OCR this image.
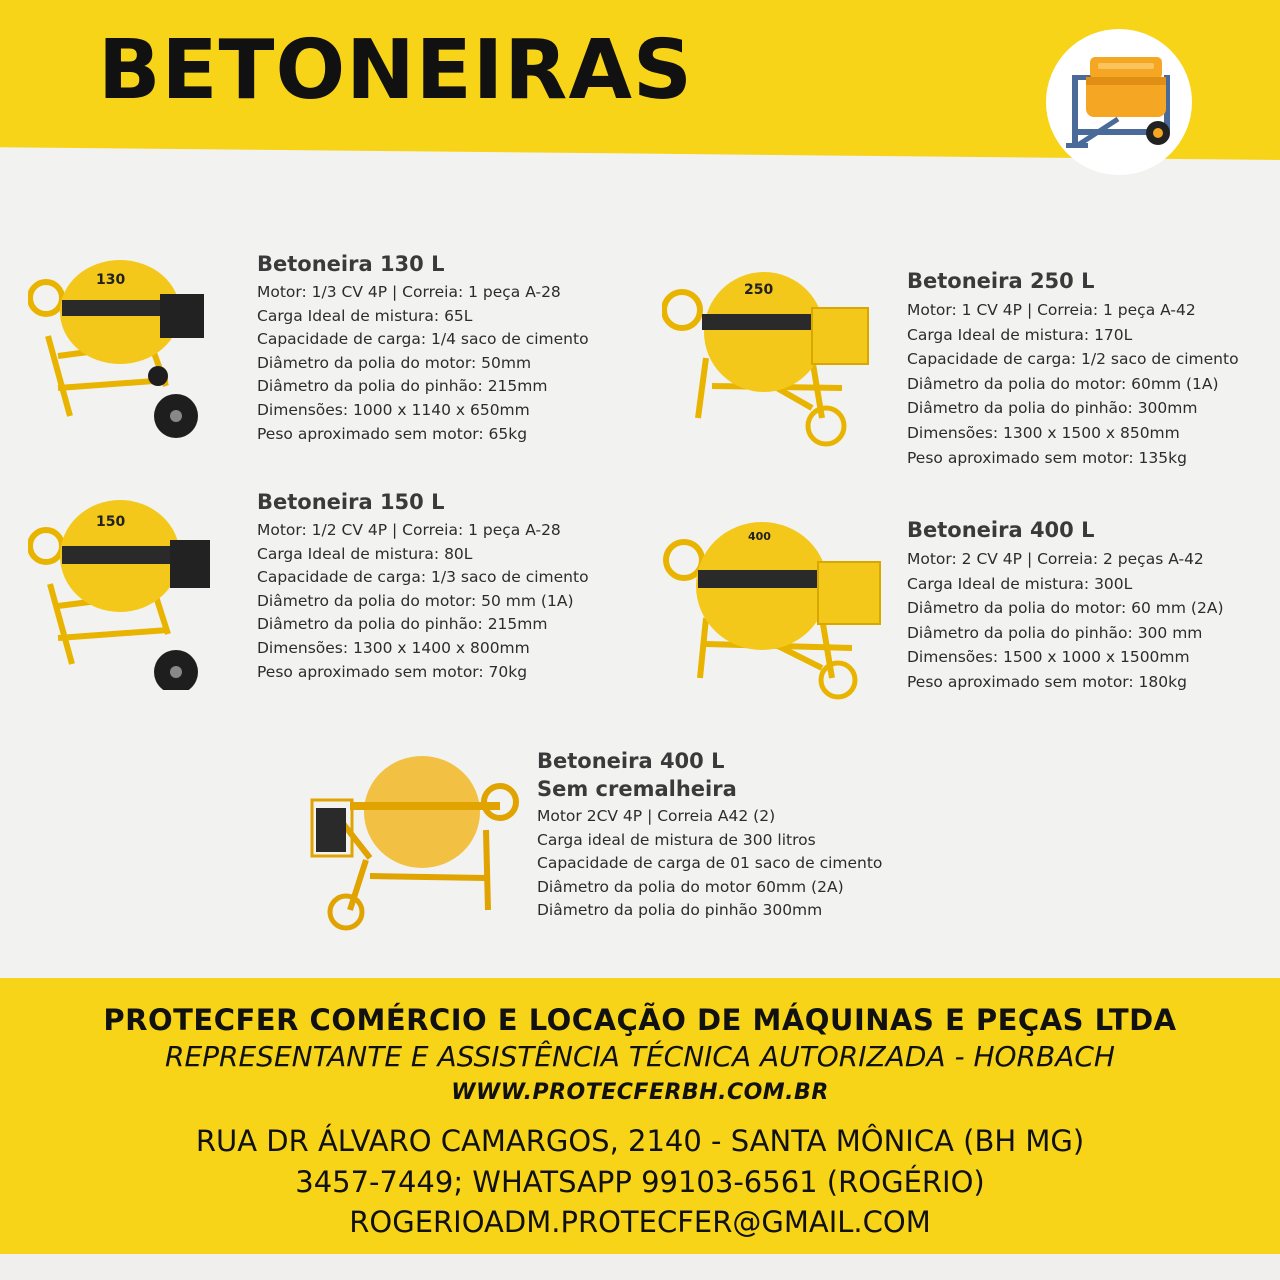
BETONEIRAS
130
Betoneira 130 L
Motor: 1/3 CV 4P | Correia: 1 peça A-28
Carga Ideal de mistura: 65L
Capacidade de carga: 1/4 saco de cimento
Diâmetro da polia do motor: 50mm
Diâmetro da polia do pinhão: 215mm
Dimensões: 1000 x 1140 x 650mm
Peso aproximado sem motor: 65kg
250	Betoneira 250 L
Motor: 1 CV 4P | Correia: 1 peça A-42
Carga Ideal de mistura: 170L
Capacidade de carga: 1/2 saco de cimento
Diâmetro da polia do motor: 60mm (1A)
Diâmetro da polia do pinhão: 300mm
Dimensões: 1300 x 1500 x 850mm
Peso aproximado sem motor: 135kg
150
Betoneira 150 L
Motor: 1/2 CV 4P | Correia: 1 peça A-28
Carga Ideal de mistura: 80L
Capacidade de carga: 1/3 saco de cimento
Diâmetro da polia do motor: 50 mm (1A)
Diâmetro da polia do pinhão: 215mm
Dimensões: 1300 x 1400 x 800mm
Peso aproximado sem motor: 70kg
400	Betoneira 400 L
Motor: 2 CV 4P | Correia: 2 peças A-42
Carga Ideal de mistura: 300L
Diâmetro da polia do motor: 60 mm (2A)
Diâmetro da polia do pinhão: 300 mm
Dimensões: 1500 x 1000 x 1500mm
Peso aproximado sem motor: 180kg
Betoneira 400 L
Sem cremalheira
Motor 2CV 4P | Correia A42 (2)
Carga ideal de mistura de 300 litros
Capacidade de carga de 01 saco de cimento
Diâmetro da polia do motor 60mm (2A)
Diâmetro da polia do pinhão 300mm

PROTECFER COMÉRCIO E LOCAÇÃO DE MÁQUINAS E PEÇAS LTDA

REPRESENTANTE E ASSISTÊNCIA TÉCNICA AUTORIZADA - HORBACH

WWW.PROTECFERBH.COM.BR

RUA DR ÁLVARO CAMARGOS, 2140 - SANTA MÔNICA (BH MG)

3457-7449; WHATSAPP 99103-6561 (ROGÉRIO)

ROGERIOADM.PROTECFER@GMAIL.COM
